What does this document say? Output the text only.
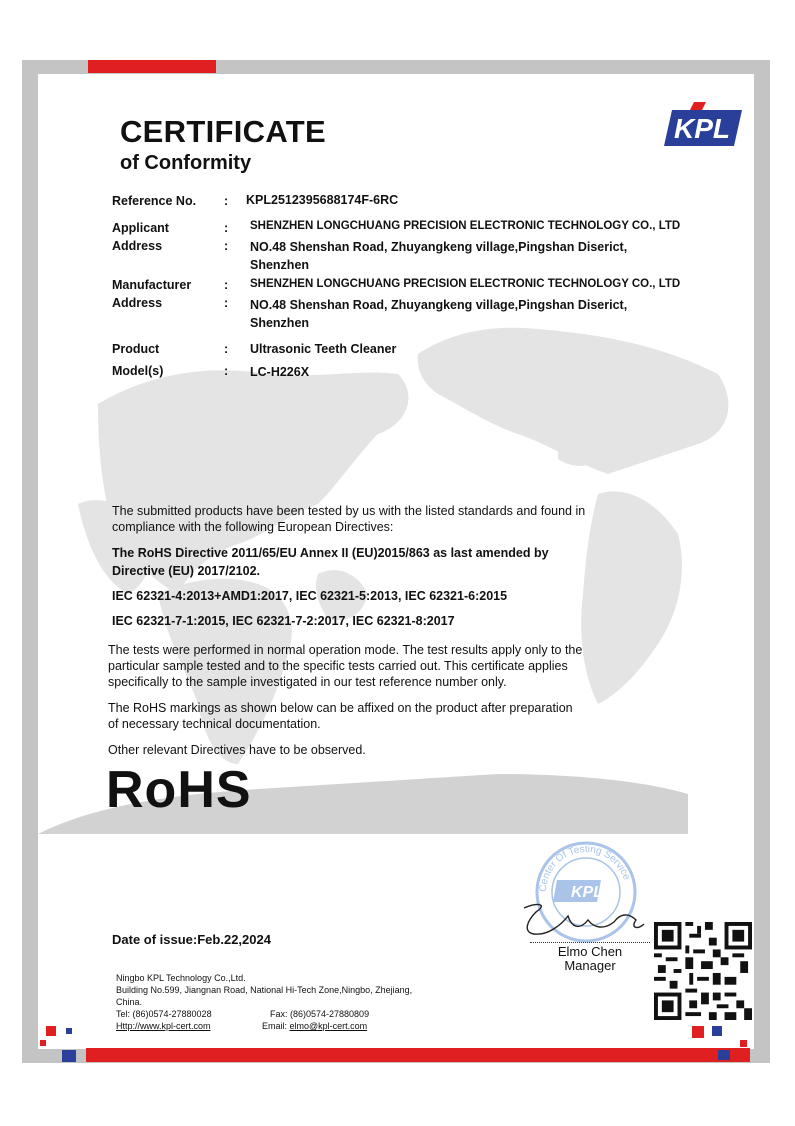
KPL
CERTIFICATE
of Conformity
Reference No. : KPL2512395688174F-6RC
Applicant	: SHENZHEN LONGCHUANG PRECISION ELECTRONIC TECHNOLOGY CO., LTD
Address	: NO.48 Shenshan Road, Zhuyangkeng village,Pingshan Diserict,
Shenzhen
Manufacturer	: SHENZHEN LONGCHUANG PRECISION ELECTRONIC TECHNOLOGY CO., LTD
Address	: NO.48 Shenshan Road, Zhuyangkeng village,Pingshan Diserict,
Shenzhen
Product	: Ultrasonic Teeth Cleaner
Model(s)	: LC-H226X
The submitted products have been tested by us with the listed standards and found in
compliance with the following European Directives:
The RoHS Directive 2011/65/EU Annex II (EU)2015/863 as last amended by
Directive (EU) 2017/2102.
IEC 62321-4:2013+AMD1:2017, IEC 62321-5:2013, IEC 62321-6:2015
IEC 62321-7-1:2015, IEC 62321-7-2:2017, IEC 62321-8:2017
The tests were performed in normal operation mode. The test results apply only to the
particular sample tested and to the specific tests carried out. This certificate applies
specifically to the sample investigated in our test reference number only.
The RoHS markings as shown below can be affixed on the product after preparation
of necessary technical documentation.
Other relevant Directives have to be observed.
RoHS
Center Of Testing Service
KPL
Date of issue:Feb.22,2024
Elmo Chen
Manager
Ningbo KPL Technology Co.,Ltd.
Building No.599, Jiangnan Road, National Hi-Tech Zone,Ningbo, Zhejiang,
China.
Tel: (86)0574-27880028	Fax: (86)0574-27880809
Http://www.kpl-cert.com	Email: elmo@kpl-cert.com
